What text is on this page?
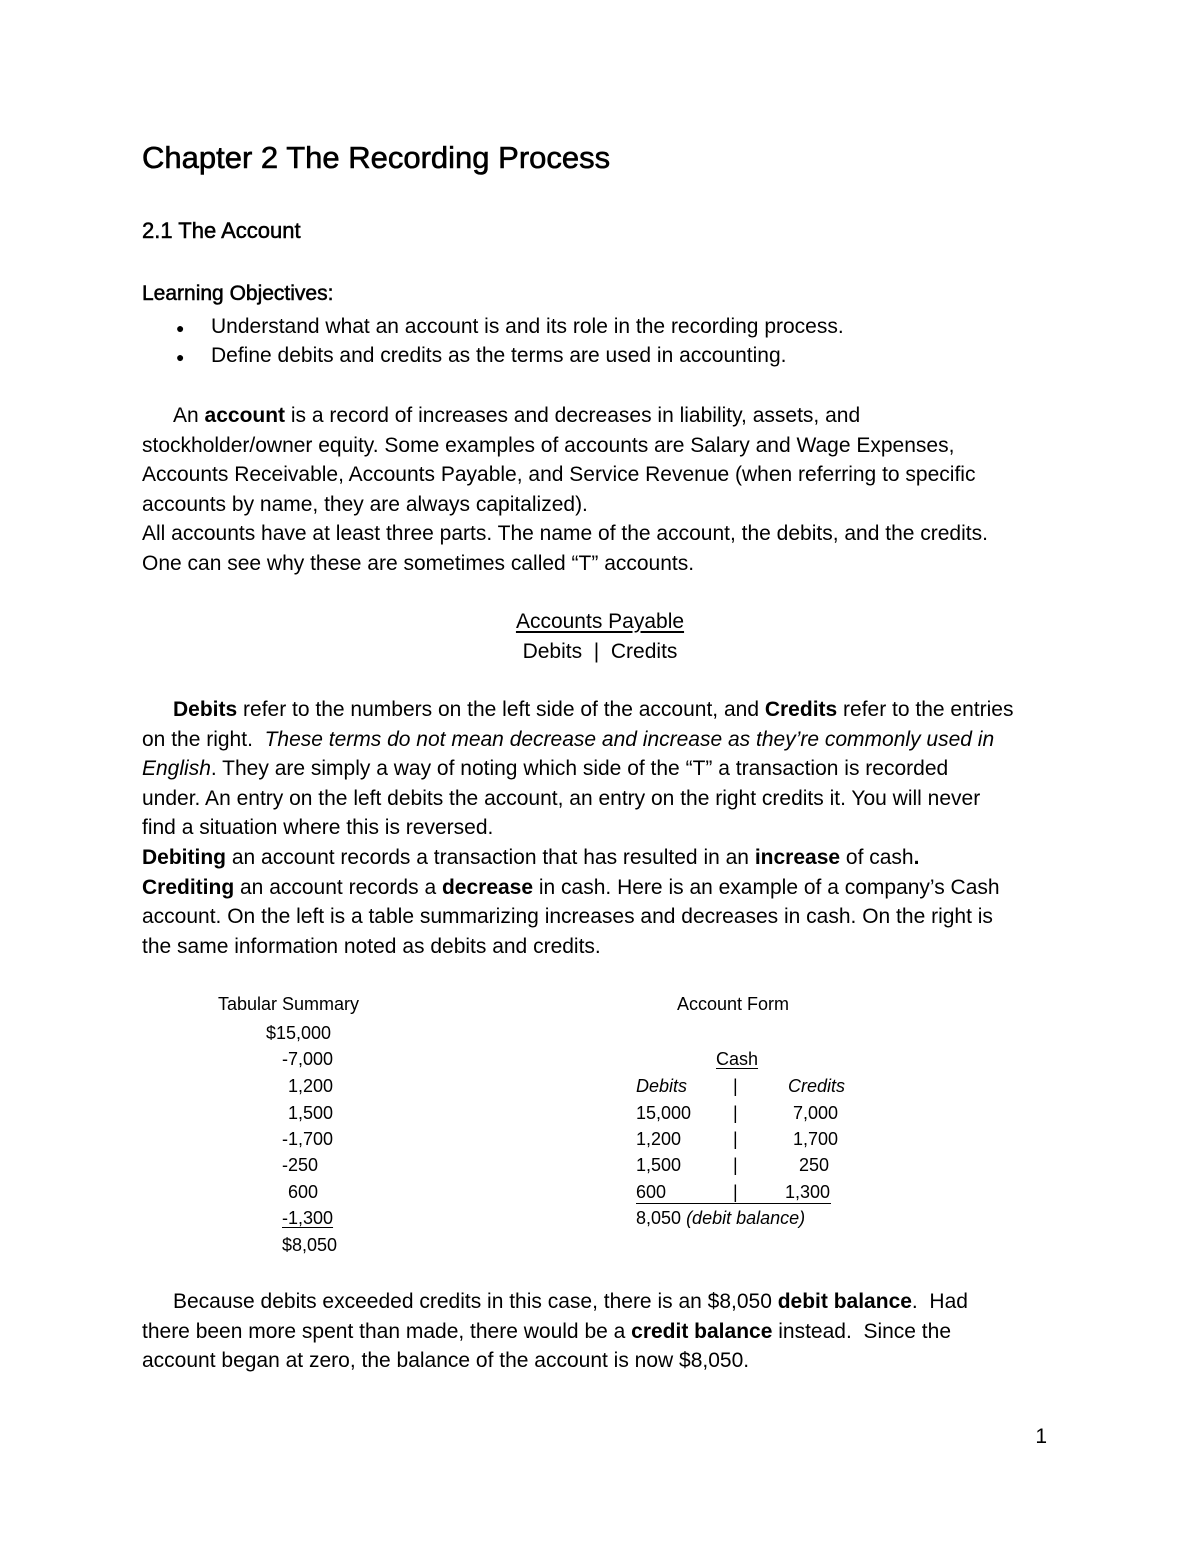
Chapter 2 The Recording Process
2.1 The Account
Learning Objectives:
● Understand what an account is and its role in the recording process.
● Define debits and credits as the terms are used in accounting.
An account is a record of increases and decreases in liability, assets, and
stockholder/owner equity. Some examples of accounts are Salary and Wage Expenses,
Accounts Receivable, Accounts Payable, and Service Revenue (when referring to specific
accounts by name, they are always capitalized).
All accounts have at least three parts. The name of the account, the debits, and the credits.
One can see why these are sometimes called “T” accounts.
Accounts Payable
Debits  |  Credits
Debits refer to the numbers on the left side of the account, and Credits refer to the entries
on the right.  These terms do not mean decrease and increase as they’re commonly used in
English. They are simply a way of noting which side of the “T” a transaction is recorded
under. An entry on the left debits the account, an entry on the right credits it. You will never
find a situation where this is reversed.
Debiting an account records a transaction that has resulted in an increase of cash.
Crediting an account records a decrease in cash. Here is an example of a company’s Cash
account. On the left is a table summarizing increases and decreases in cash. On the right is
the same information noted as debits and credits.
Tabular Summary
$15,000
-7,000
1,200
1,500
-1,700
-250
600
-1,300
$8,050
Account Form
Cash
Debits	|	Credits
15,000 |	7,000
1,200	|	1,700
1,500	|	250
600	|	1,300
8,050 (debit balance)
Because debits exceeded credits in this case, there is an $8,050 debit balance.  Had
there been more spent than made, there would be a credit balance instead.  Since the
account began at zero, the balance of the account is now $8,050.
1
